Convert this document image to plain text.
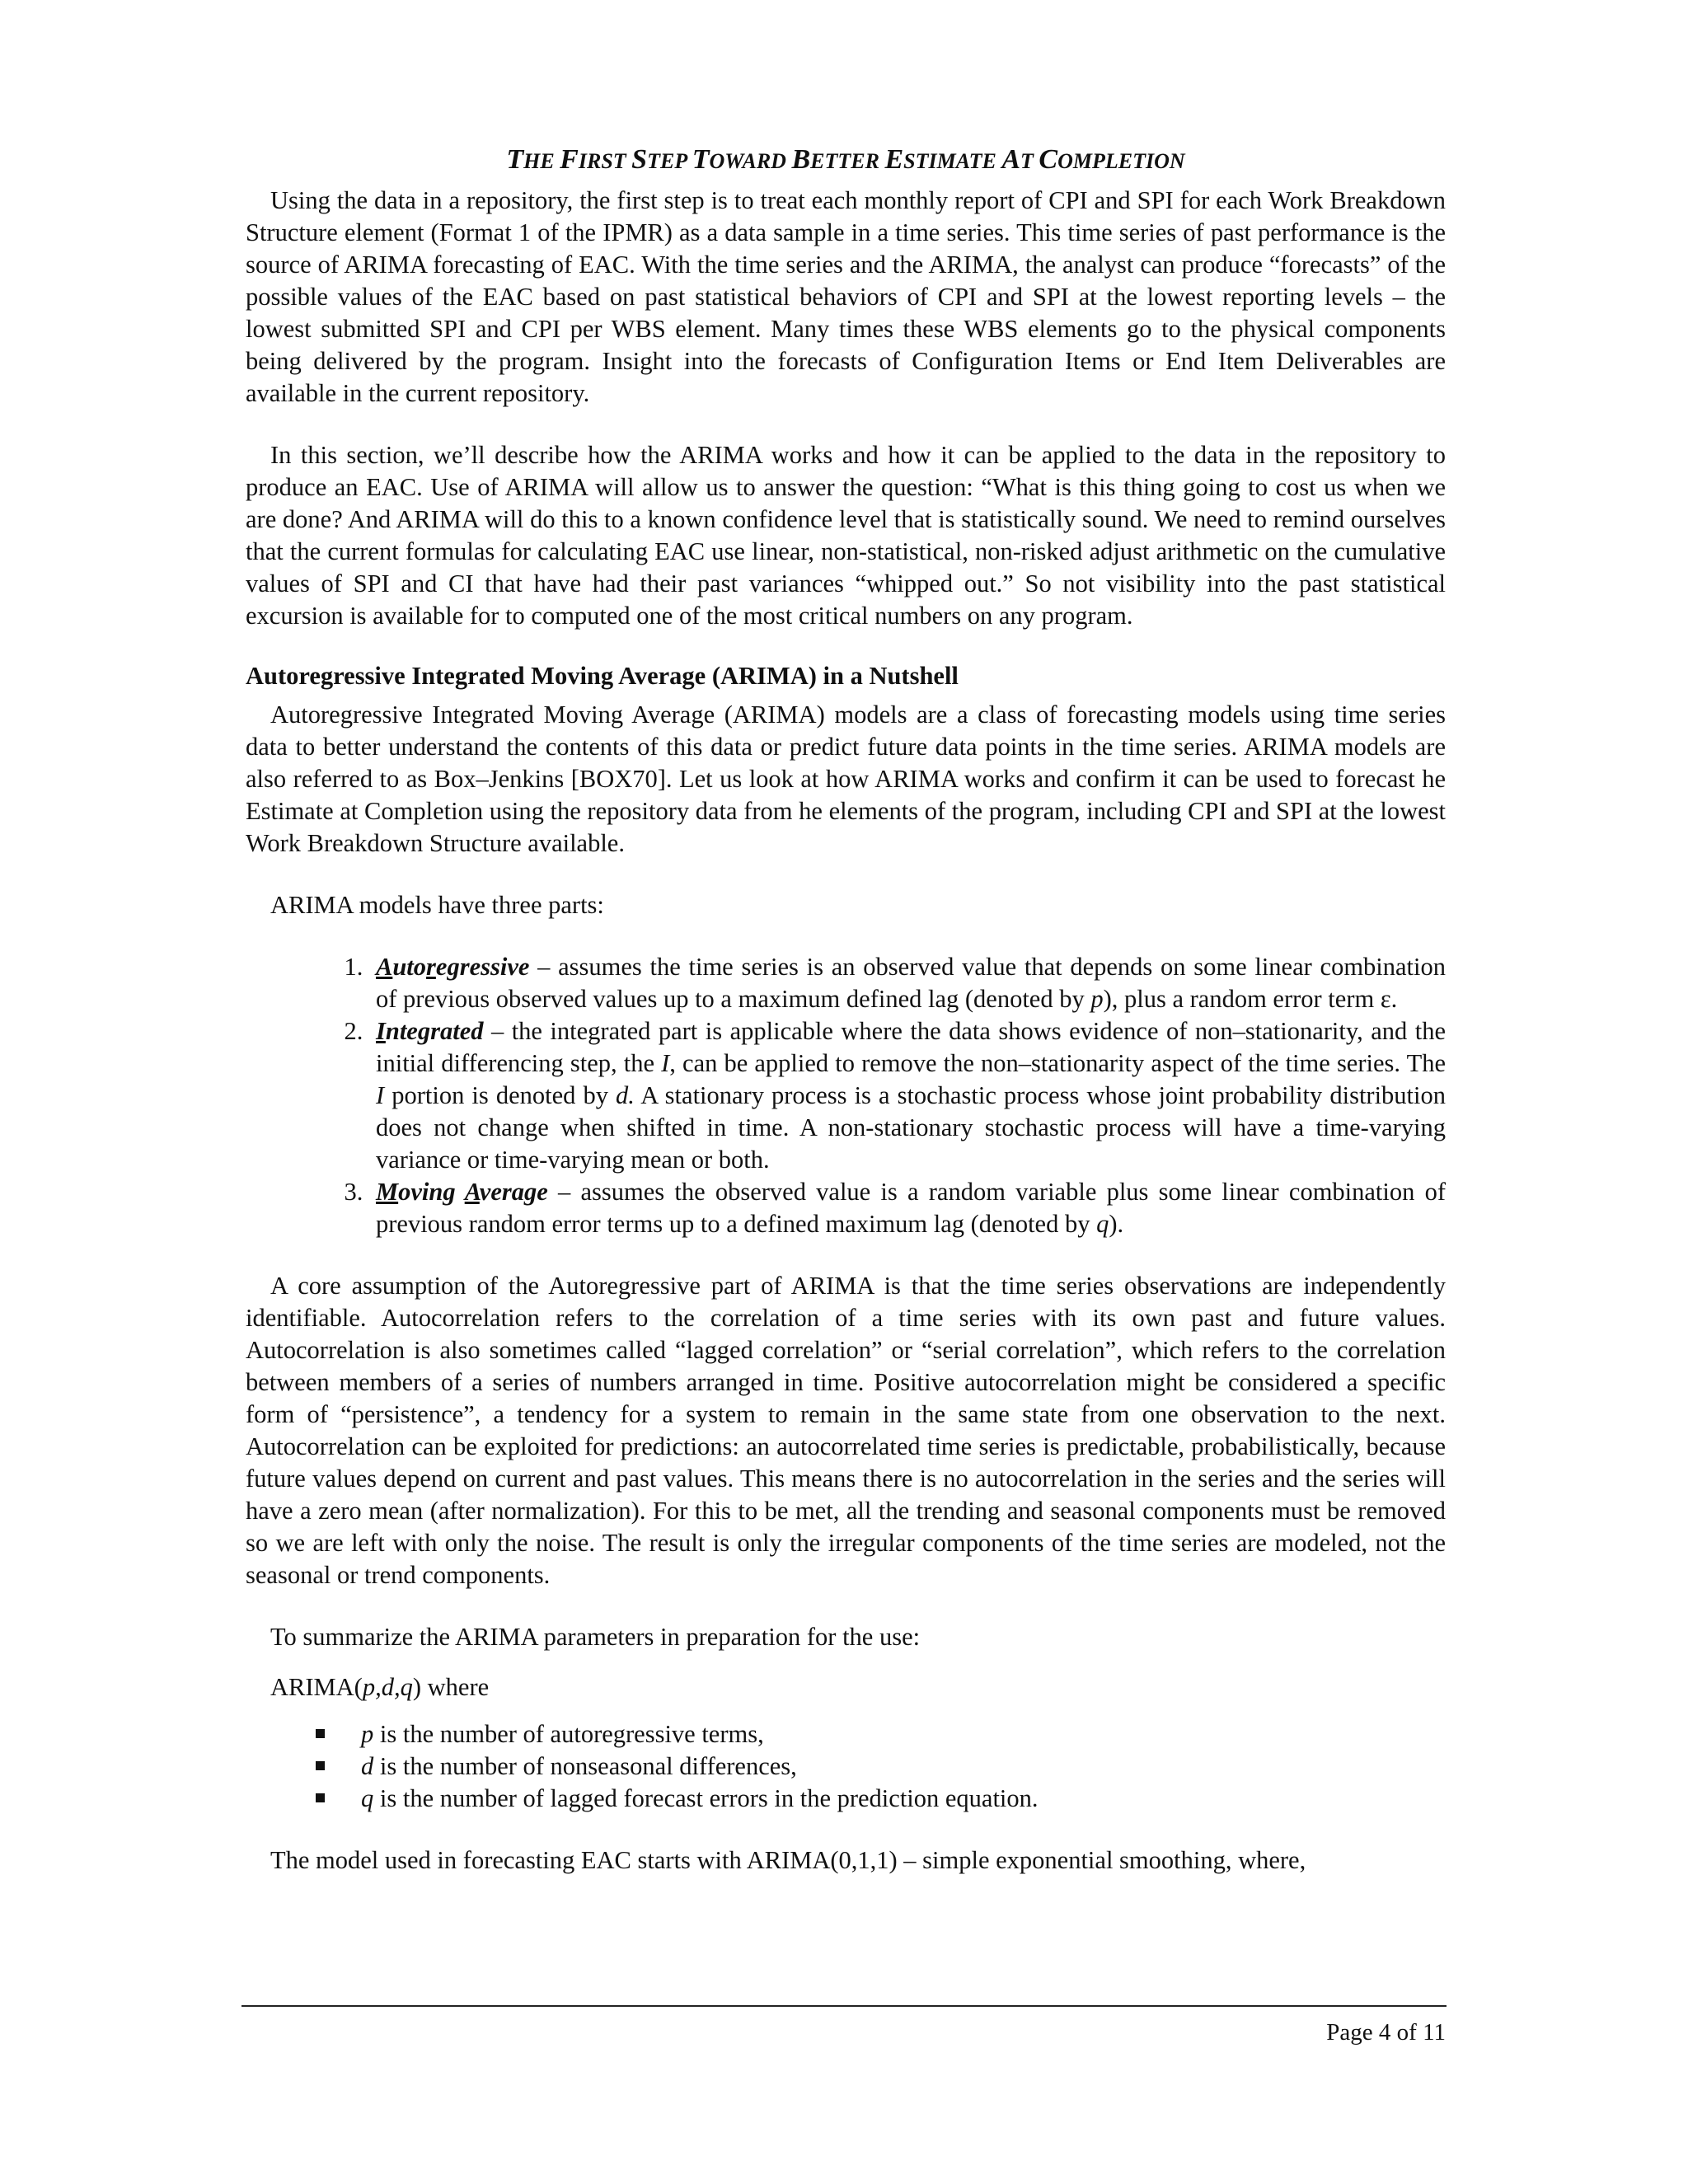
THE FIRST STEP TOWARD BETTER ESTIMATE AT COMPLETION

Using the data in a repository, the first step is to treat each monthly report of CPI and SPI for each Work Breakdown Structure element (Format 1 of the IPMR) as a data sample in a time series. This time series of past performance is the source of ARIMA forecasting of EAC. With the time series and the ARIMA, the analyst can produce “forecasts” of the possible values of the EAC based on past statistical behaviors of CPI and SPI at the lowest reporting levels – the lowest submitted SPI and CPI per WBS element. Many times these WBS elements go to the physical components being delivered by the program. Insight into the forecasts of Configuration Items or End Item Deliverables are available in the current repository.

In this section, we’ll describe how the ARIMA works and how it can be applied to the data in the repository to produce an EAC. Use of ARIMA will allow us to answer the question: “What is this thing going to cost us when we are done? And ARIMA will do this to a known confidence level that is statistically sound. We need to remind ourselves that the current formulas for calculating EAC use linear, non-statistical, non-risked adjust arithmetic on the cumulative values of SPI and CI that have had their past variances “whipped out.” So not visibility into the past statistical excursion is available for to computed one of the most critical numbers on any program.

Autoregressive Integrated Moving Average (ARIMA) in a Nutshell

Autoregressive Integrated Moving Average (ARIMA) models are a class of forecasting models using time series data to better understand the contents of this data or predict future data points in the time series. ARIMA models are also referred to as Box–Jenkins [BOX70]. Let us look at how ARIMA works and confirm it can be used to forecast he Estimate at Completion using the repository data from he elements of the program, including CPI and SPI at the lowest Work Breakdown Structure available.

ARIMA models have three parts:

1. Autoregressive – assumes the time series is an observed value that depends on some linear combination of previous observed values up to a maximum defined lag (denoted by p), plus a random error term ε.
2. Integrated – the integrated part is applicable where the data shows evidence of non–stationarity, and the initial differencing step, the I, can be applied to remove the non–stationarity aspect of the time series. The I portion is denoted by d. A stationary process is a stochastic process whose joint probability distribution does not change when shifted in time. A non-stationary stochastic process will have a time-varying variance or time-varying mean or both.
3. Moving Average – assumes the observed value is a random variable plus some linear combination of previous random error terms up to a defined maximum lag (denoted by q).

A core assumption of the Autoregressive part of ARIMA is that the time series observations are independently identifiable. Autocorrelation refers to the correlation of a time series with its own past and future values. Autocorrelation is also sometimes called “lagged correlation” or “serial correlation”, which refers to the correlation between members of a series of numbers arranged in time. Positive autocorrelation might be considered a specific form of “persistence”, a tendency for a system to remain in the same state from one observation to the next. Autocorrelation can be exploited for predictions: an autocorrelated time series is predictable, probabilistically, because future values depend on current and past values. This means there is no autocorrelation in the series and the series will have a zero mean (after normalization). For this to be met, all the trending and seasonal components must be removed so we are left with only the noise. The result is only the irregular components of the time series are modeled, not the seasonal or trend components.

To summarize the ARIMA parameters in preparation for the use:

ARIMA(p,d,q) where

p is the number of autoregressive terms,
d is the number of nonseasonal differences,
q is the number of lagged forecast errors in the prediction equation.

The model used in forecasting EAC starts with ARIMA(0,1,1) – simple exponential smoothing, where,

Page 4 of 11
